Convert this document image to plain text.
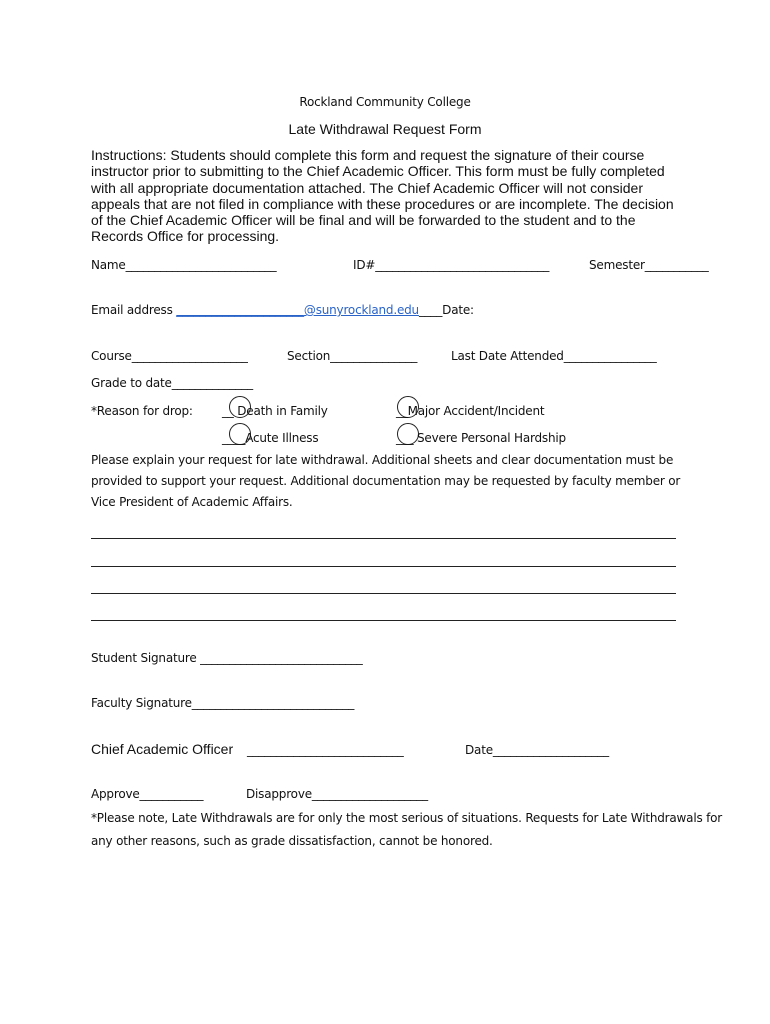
Rockland Community College
Late Withdrawal Request Form
Instructions: Students should complete this form and request the signature of their course
instructor prior to submitting to the Chief Academic Officer. This form must be fully completed
with all appropriate documentation attached. The Chief Academic Officer will not consider
appeals that are not filed in compliance with these procedures or are incomplete. The decision
of the Chief Academic Officer will be final and will be forwarded to the student and to the
Records Office for processing.
Name__________________________	ID#______________________________	Semester___________
Email address ______________________@sunyrockland.edu____Date:
Course____________________	Section_______________	Last Date Attended________________
Grade to date______________
*Reason for drop: __ Death in Family	__Major Accident/Incident
____Acute Illness	___ Severe Personal Hardship

Please explain your request for late withdrawal. Additional sheets and clear documentation must be

provided to support your request. Additional documentation may be requested by faculty member or

Vice President of Academic Affairs.

Student Signature ____________________________
Faculty Signature____________________________
Chief Academic Officer ___________________________	Date____________________
Approve___________	Disapprove____________________

*Please note, Late Withdrawals are for only the most serious of situations. Requests for Late Withdrawals for

any other reasons, such as grade dissatisfaction, cannot be honored.
